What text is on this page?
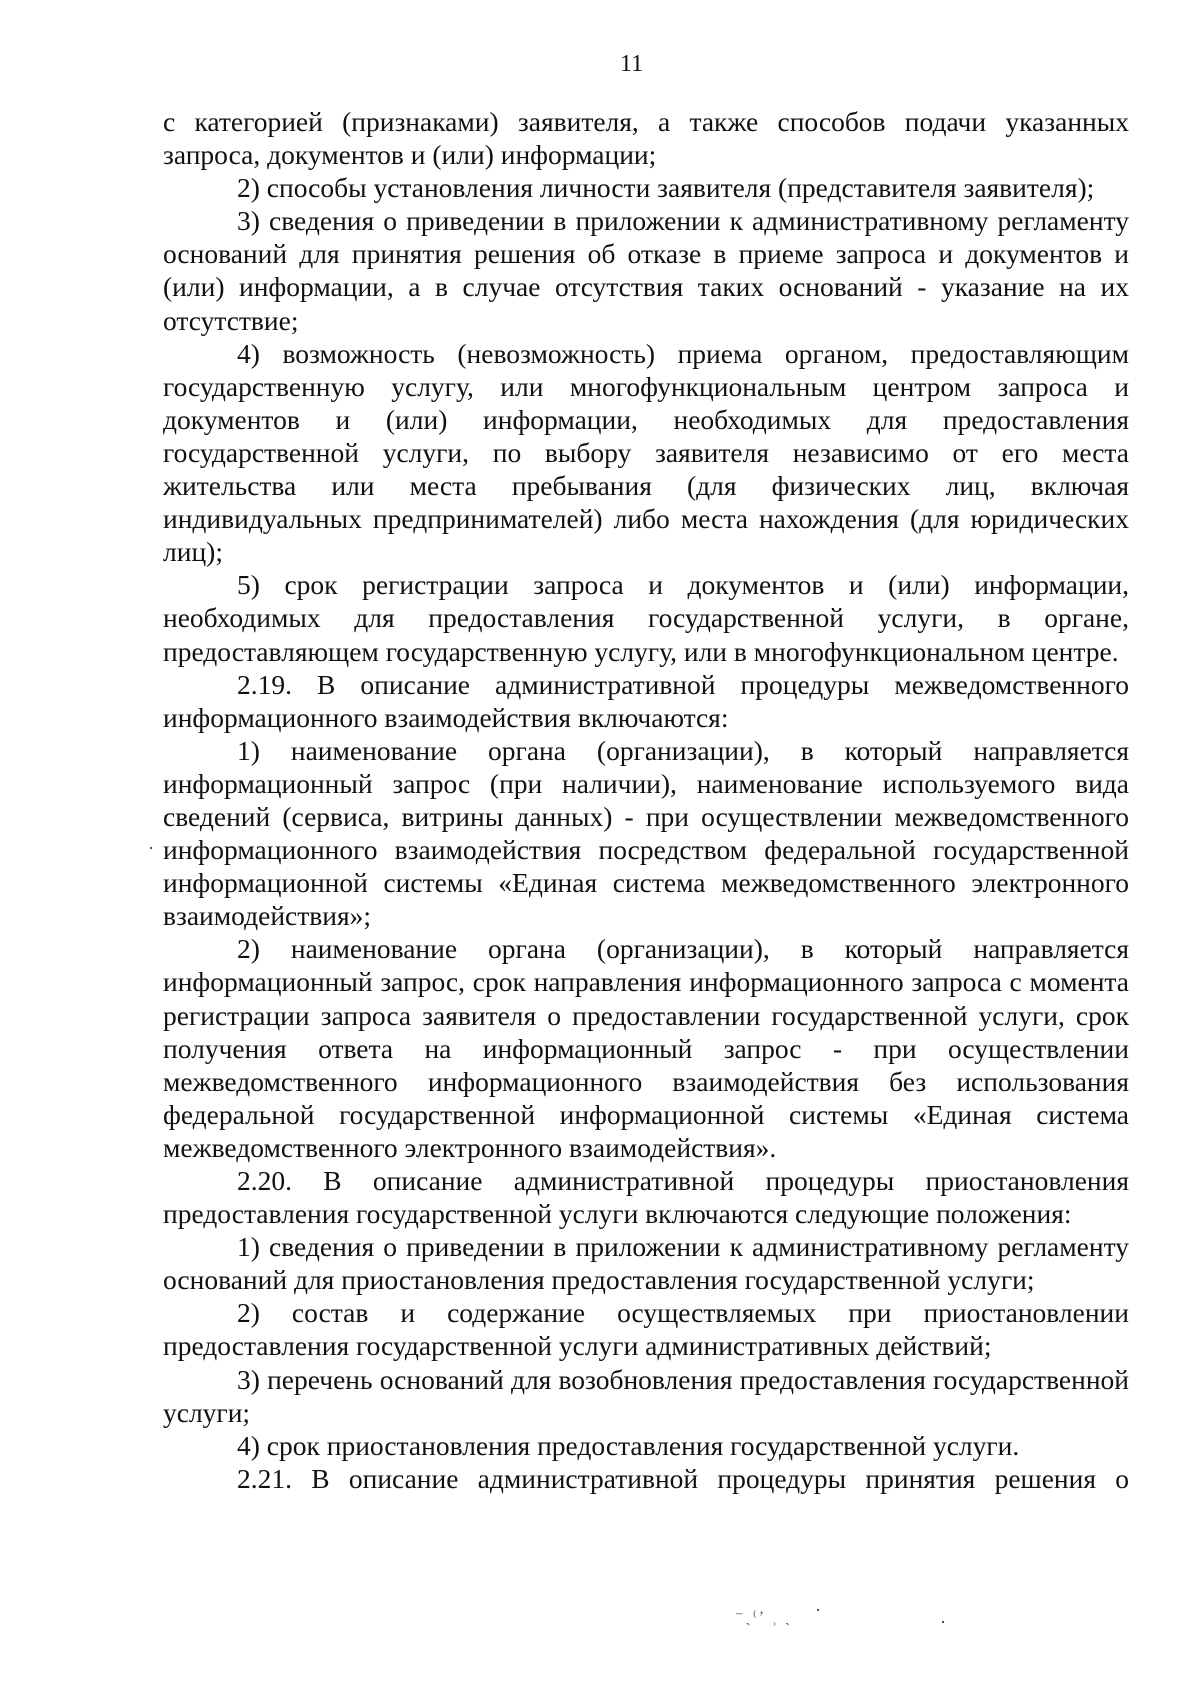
11

с категорией (признаками) заявителя, а также способов подачи указанных запроса, документов и (или) информации;

2) способы установления личности заявителя (представителя заявителя);

3) сведения о приведении в приложении к административному регламенту оснований для принятия решения об отказе в приеме запроса и документов и (или) информации, а в случае отсутствия таких оснований - указание на их отсутствие;

4) возможность (невозможность) приема органом, предоставляющим государственную услугу, или многофункциональным центром запроса и документов и (или) информации, необходимых для предоставления государственной услуги, по выбору заявителя независимо от его места жительства или места пребывания (для физических лиц, включая индивидуальных предпринимателей) либо места нахождения (для юридических лиц);

5) срок регистрации запроса и документов и (или) информации, необходимых для предоставления государственной услуги, в органе, предоставляющем государственную услугу, или в многофункциональном центре.

2.19. В описание административной процедуры межведомственного информационного взаимодействия включаются:

1) наименование органа (организации), в который направляется информационный запрос (при наличии), наименование используемого вида сведений (сервиса, витрины данных) - при осуществлении межведомственного информационного взаимодействия посредством федеральной государственной информационной системы «Единая система межведомственного электронного взаимодействия»;

2) наименование органа (организации), в который направляется информационный запрос, срок направления информационного запроса с момента регистрации запроса заявителя о предоставлении государственной услуги, срок получения ответа на информационный запрос - при осуществлении межведомственного информационного взаимодействия без использования федеральной государственной информационной системы «Единая система межведомственного электронного взаимодействия».

2.20. В описание административной процедуры приостановления предоставления государственной услуги включаются следующие положения:

1) сведения о приведении в приложении к административному регламенту оснований для приостановления предоставления государственной услуги;

2) состав и содержание осуществляемых при приостановлении предоставления государственной услуги административных действий;

3) перечень оснований для возобновления предоставления государственной услуги;

4) срок приостановления предоставления государственной услуги.

2.21. В описание административной процедуры принятия решения о

·
⁻ˎ⁽ʼ ⸒ ˎ ·
·
